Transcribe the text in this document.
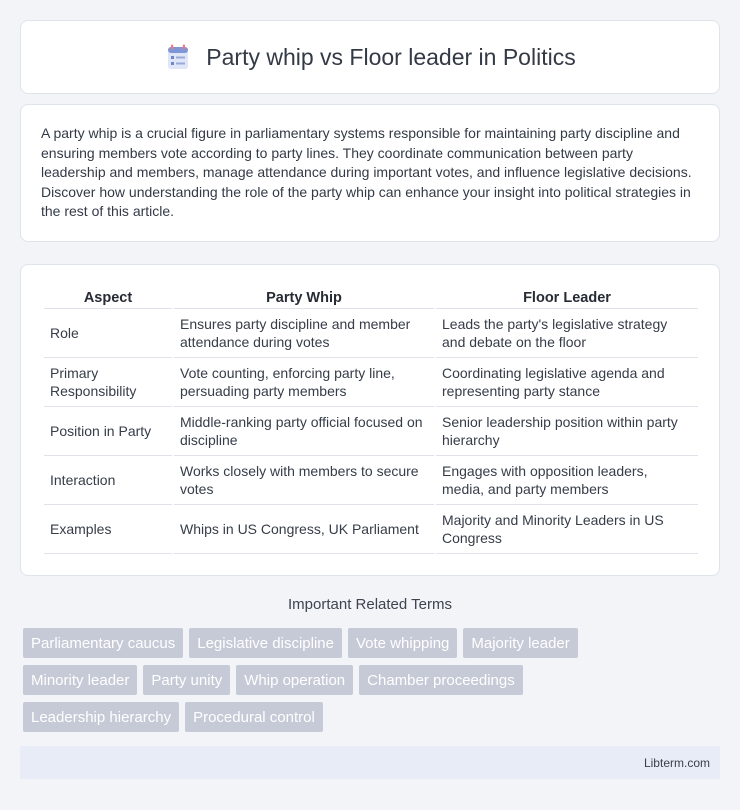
Party whip vs Floor leader in Politics

A party whip is a crucial figure in parliamentary systems responsible for maintaining party discipline and ensuring members vote according to party lines. They coordinate communication between party leadership and members, manage attendance during important votes, and influence legislative decisions. Discover how understanding the role of the party whip can enhance your insight into political strategies in the rest of this article.

Aspect	Party Whip	Floor Leader
Role	Ensures party discipline and member attendance during votes	Leads the party's legislative strategy and debate on the floor
Primary Responsibility	Vote counting, enforcing party line, persuading party members	Coordinating legislative agenda and representing party stance
Position in Party	Middle-ranking party official focused on discipline	Senior leadership position within party hierarchy
Interaction	Works closely with members to secure votes	Engages with opposition leaders, media, and party members
Examples	Whips in US Congress, UK Parliament	Majority and Minority Leaders in US Congress
Important Related Terms
Parliamentary caucus	Legislative discipline	Vote whipping	Majority leader
Minority leader	Party unity	Whip operation	Chamber proceedings
Leadership hierarchy	Procedural control
Libterm.com
